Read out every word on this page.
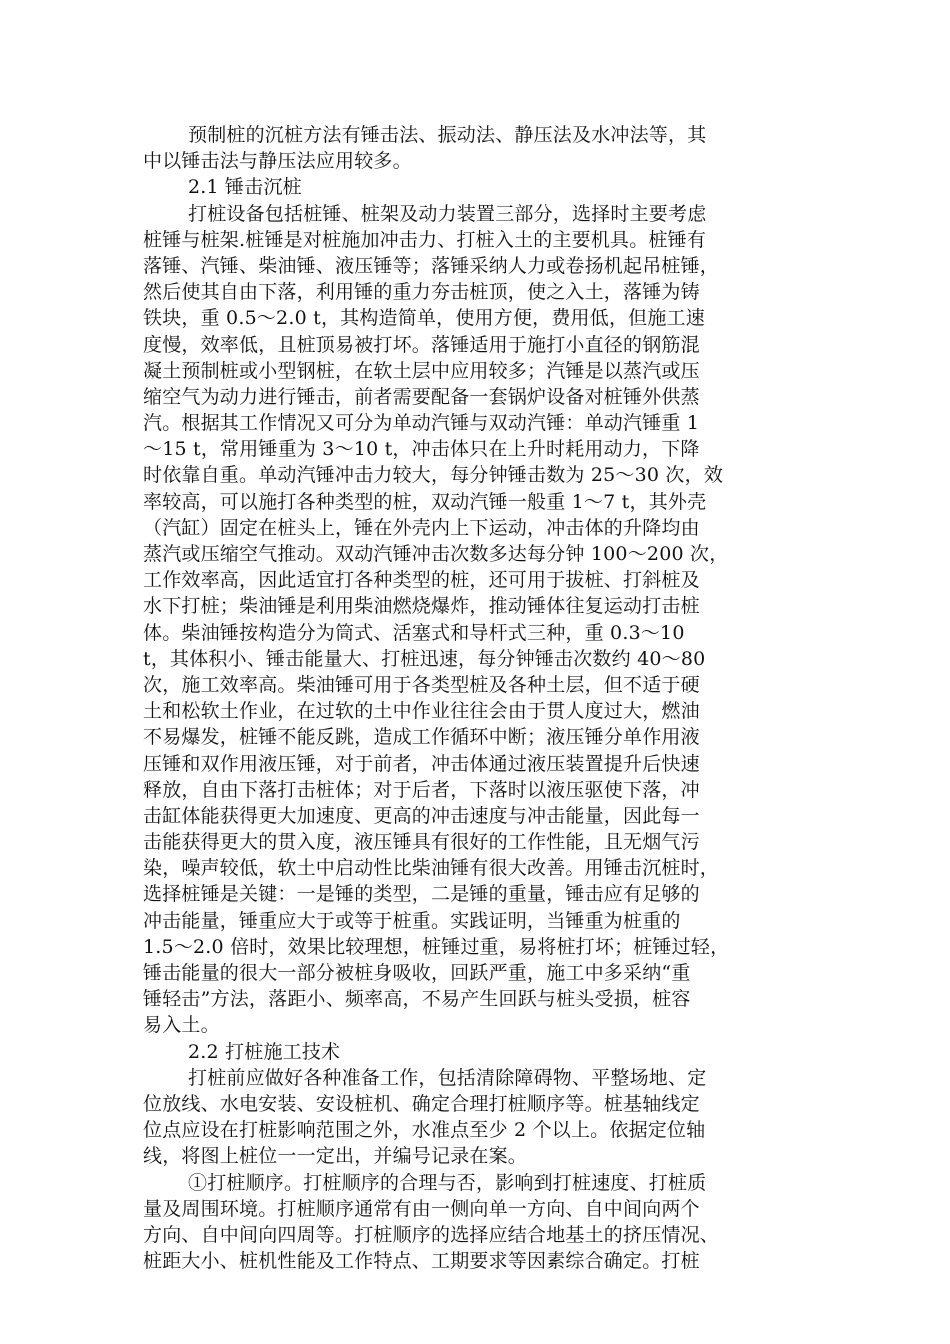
预制桩的沉桩方法有锤击法、振动法、静压法及水冲法等，其
中以锤击法与静压法应用较多。
2.1 锤击沉桩
打桩设备包括桩锤、桩架及动力装置三部分，选择时主要考虑
桩锤与桩架.桩锤是对桩施加冲击力、打桩入土的主要机具。桩锤有
落锤、汽锤、柴油锤、液压锤等；落锤采纳人力或卷扬机起吊桩锤，
然后使其自由下落，利用锤的重力夯击桩顶，使之入土，落锤为铸
铁块，重 0.5～2.0 t，其构造简单，使用方便，费用低，但施工速
度慢，效率低，且桩顶易被打坏。落锤适用于施打小直径的钢筋混
凝土预制桩或小型钢桩，在软土层中应用较多；汽锤是以蒸汽或压
缩空气为动力进行锤击，前者需要配备一套锅炉设备对桩锤外供蒸
汽。根据其工作情况又可分为单动汽锤与双动汽锤：单动汽锤重 1
～15 t，常用锤重为 3～10 t，冲击体只在上升时耗用动力，下降
时依靠自重。单动汽锤冲击力较大，每分钟锤击数为 25～30 次，效
率较高，可以施打各种类型的桩，双动汽锤一般重 1～7 t，其外壳
（汽缸）固定在桩头上，锤在外壳内上下运动，冲击体的升降均由
蒸汽或压缩空气推动。双动汽锤冲击次数多达每分钟 100～200 次，
工作效率高，因此适宜打各种类型的桩，还可用于拔桩、打斜桩及
水下打桩；柴油锤是利用柴油燃烧爆炸，推动锤体往复运动打击桩
体。柴油锤按构造分为筒式、活塞式和导杆式三种，重 0.3～10
t，其体积小、锤击能量大、打桩迅速，每分钟锤击次数约 40～80
次，施工效率高。柴油锤可用于各类型桩及各种土层，但不适于硬
土和松软土作业，在过软的土中作业往往会由于贯人度过大，燃油
不易爆发，桩锤不能反跳，造成工作循环中断；液压锤分单作用液
压锤和双作用液压锤，对于前者，冲击体通过液压装置提升后快速
释放，自由下落打击桩体；对于后者，下落时以液压驱使下落，冲
击缸体能获得更大加速度、更高的冲击速度与冲击能量，因此每一
击能获得更大的贯入度，液压锤具有很好的工作性能，且无烟气污
染，噪声较低，软土中启动性比柴油锤有很大改善。用锤击沉桩时，
选择桩锤是关键：一是锤的类型，二是锤的重量，锤击应有足够的
冲击能量，锤重应大于或等于桩重。实践证明，当锤重为桩重的
1.5～2.0 倍时，效果比较理想，桩锤过重，易将桩打坏；桩锤过轻，
锤击能量的很大一部分被桩身吸收，回跃严重，施工中多采纳“重
锤轻击”方法，落距小、频率高，不易产生回跃与桩头受损，桩容
易入土。
2.2 打桩施工技术
打桩前应做好各种准备工作，包括清除障碍物、平整场地、定
位放线、水电安装、安设桩机、确定合理打桩顺序等。桩基轴线定
位点应设在打桩影响范围之外，水准点至少 2 个以上。依据定位轴
线，将图上桩位一一定出，并编号记录在案。
①打桩顺序。打桩顺序的合理与否，影响到打桩速度、打桩质
量及周围环境。打桩顺序通常有由一侧向单一方向、自中间向两个
方向、自中间向四周等。打桩顺序的选择应结合地基土的挤压情况、
桩距大小、桩机性能及工作特点、工期要求等因素综合确定。打桩
